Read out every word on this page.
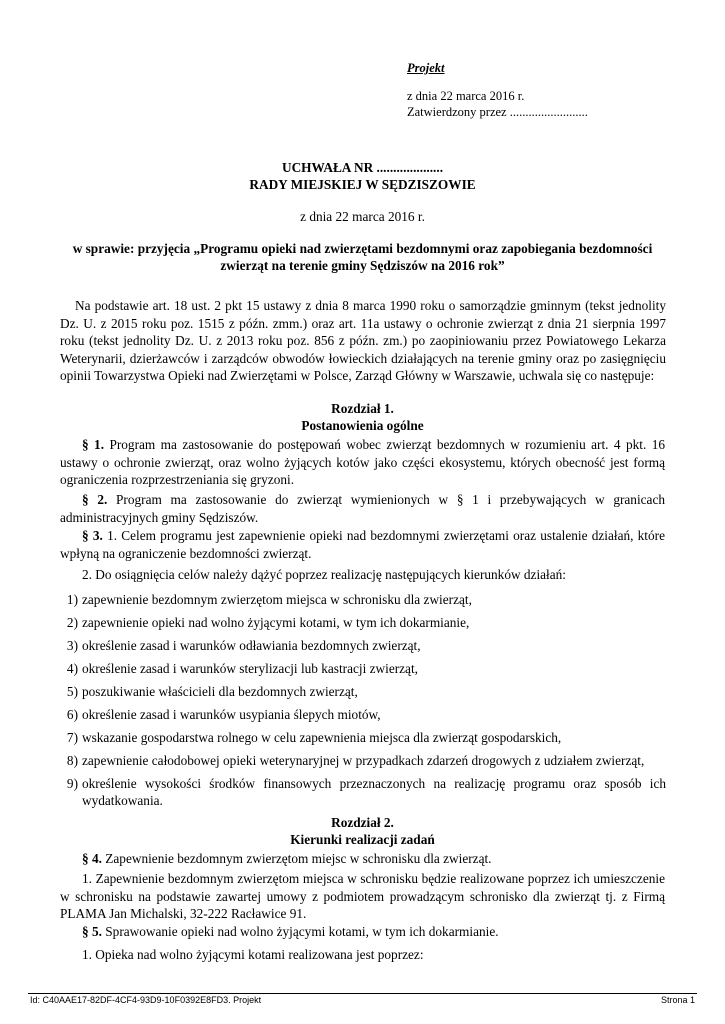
Projekt
z dnia 22 marca 2016 r.
Zatwierdzony przez .........................
UCHWAŁA NR ....................
RADY MIEJSKIEJ W SĘDZISZOWIE
z dnia 22 marca 2016 r.
w sprawie: przyjęcia „Programu opieki nad zwierzętami bezdomnymi oraz zapobiegania bezdomności
zwierząt na terenie gminy Sędziszów na 2016 rok”
Na podstawie art. 18 ust. 2 pkt 15 ustawy z dnia 8 marca 1990 roku o samorządzie gminnym (tekst jednolity Dz. U. z 2015 roku poz. 1515 z późn. zmm.) oraz art. 11a ustawy o ochronie zwierząt z dnia 21 sierpnia 1997 roku (tekst jednolity Dz. U. z 2013 roku poz. 856 z późn. zm.) po zaopiniowaniu przez Powiatowego Lekarza Weterynarii, dzierżawców i zarządców obwodów łowieckich działających na terenie gminy oraz po zasięgnięciu opinii Towarzystwa Opieki nad Zwierzętami w Polsce, Zarząd Główny w Warszawie, uchwala się co następuje:
Rozdział 1.
Postanowienia ogólne
§ 1. Program ma zastosowanie do postępowań wobec zwierząt bezdomnych w rozumieniu art. 4 pkt. 16 ustawy o ochronie zwierząt, oraz wolno żyjących kotów jako części ekosystemu, których obecność jest formą ograniczenia rozprzestrzeniania się gryzoni.
§ 2. Program ma zastosowanie do zwierząt wymienionych w § 1 i przebywających w granicach administracyjnych gminy Sędziszów.
§ 3. 1. Celem programu jest zapewnienie opieki nad bezdomnymi zwierzętami oraz ustalenie działań, które wpłyną na ograniczenie bezdomności zwierząt.
2. Do osiągnięcia celów należy dążyć poprzez realizację następujących kierunków działań:
1) zapewnienie bezdomnym zwierzętom miejsca w schronisku dla zwierząt,
2) zapewnienie opieki nad wolno żyjącymi kotami, w tym ich dokarmianie,
3) określenie zasad i warunków odławiania bezdomnych zwierząt,
4) określenie zasad i warunków sterylizacji lub kastracji zwierząt,
5) poszukiwanie właścicieli dla bezdomnych zwierząt,
6) określenie zasad i warunków usypiania ślepych miotów,
7) wskazanie gospodarstwa rolnego w celu zapewnienia miejsca dla zwierząt gospodarskich,
8) zapewnienie całodobowej opieki weterynaryjnej w przypadkach zdarzeń drogowych z udziałem zwierząt,
9) określenie wysokości środków finansowych przeznaczonych na realizację programu oraz sposób ich wydatkowania.
Rozdział 2.
Kierunki realizacji zadań
§ 4. Zapewnienie bezdomnym zwierzętom miejsc w schronisku dla zwierząt.
1. Zapewnienie bezdomnym zwierzętom miejsca w schronisku będzie realizowane poprzez ich umieszczenie w schronisku na podstawie zawartej umowy z podmiotem prowadzącym schronisko dla zwierząt tj. z Firmą PLAMA Jan Michalski, 32-222 Racławice 91.
§ 5. Sprawowanie opieki nad wolno żyjącymi kotami, w tym ich dokarmianie.
1. Opieka nad wolno żyjącymi kotami realizowana jest poprzez:
Id: C40AAE17-82DF-4CF4-93D9-10F0392E8FD3. Projekt	Strona 1
